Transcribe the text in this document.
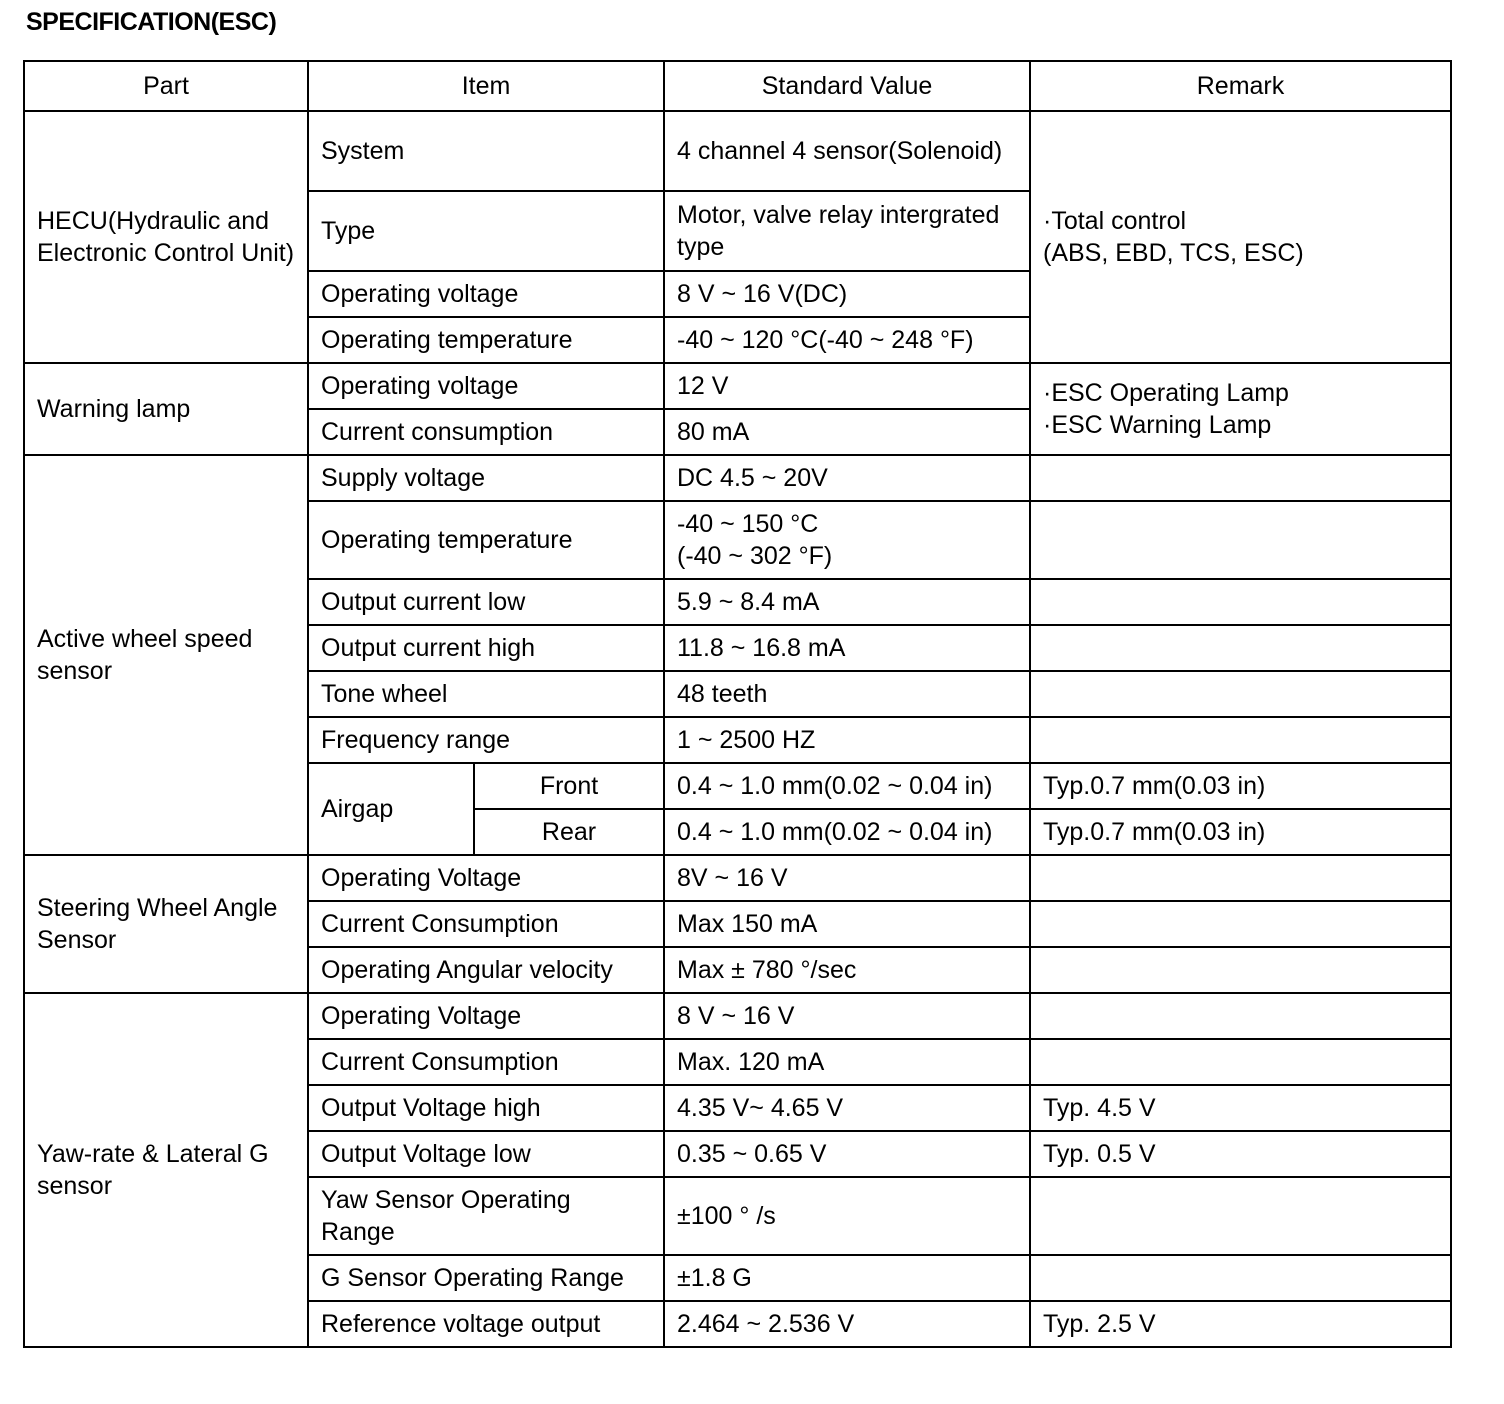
SPECIFICATION(ESC)
Part	Item		Standard Value	Remark
HECU(Hydraulic and Electronic Control Unit)	System		4 channel 4 sensor(Solenoid)	·Total control
(ABS, EBD, TCS, ESC)

	Type		Motor, valve relay intergrated type	
	Operating voltage		8 V ~ 16 V(DC)	
	Operating temperature		-40 ~ 120 °C(-40 ~ 248 °F)	
Warning lamp	Operating voltage		12 V	·ESC Operating Lamp
·ESC Warning Lamp

	Current consumption		80 mA	
Active wheel speed sensor	Supply voltage		DC 4.5 ~ 20V	
	Operating temperature		-40 ~ 150 °C
(-40 ~ 302 °F)	

	Output current low		5.9 ~ 8.4 mA	
	Output current high		11.8 ~ 16.8 mA	
	Tone wheel		48 teeth	
	Frequency range		1 ~ 2500 HZ	
	Airgap	Front	0.4 ~ 1.0 mm(0.02 ~ 0.04 in)	Typ.0.7 mm(0.03 in)
		Rear	0.4 ~ 1.0 mm(0.02 ~ 0.04 in)	Typ.0.7 mm(0.03 in)
Steering Wheel Angle Sensor	Operating Voltage		8V ~ 16 V	
	Current Consumption		Max 150 mA	
	Operating Angular velocity		Max ± 780 °/sec	
Yaw-rate & Lateral G sensor	Operating Voltage		8 V ~ 16 V	
	Current Consumption		Max. 120 mA	
	Output Voltage high		4.35 V~ 4.65 V	Typ. 4.5 V
	Output Voltage low		0.35 ~ 0.65 V	Typ. 0.5 V
	Yaw Sensor Operating Range		±100 ° /s	
	G Sensor Operating Range		±1.8 G	
	Reference voltage output		2.464 ~ 2.536 V	Typ. 2.5 V
